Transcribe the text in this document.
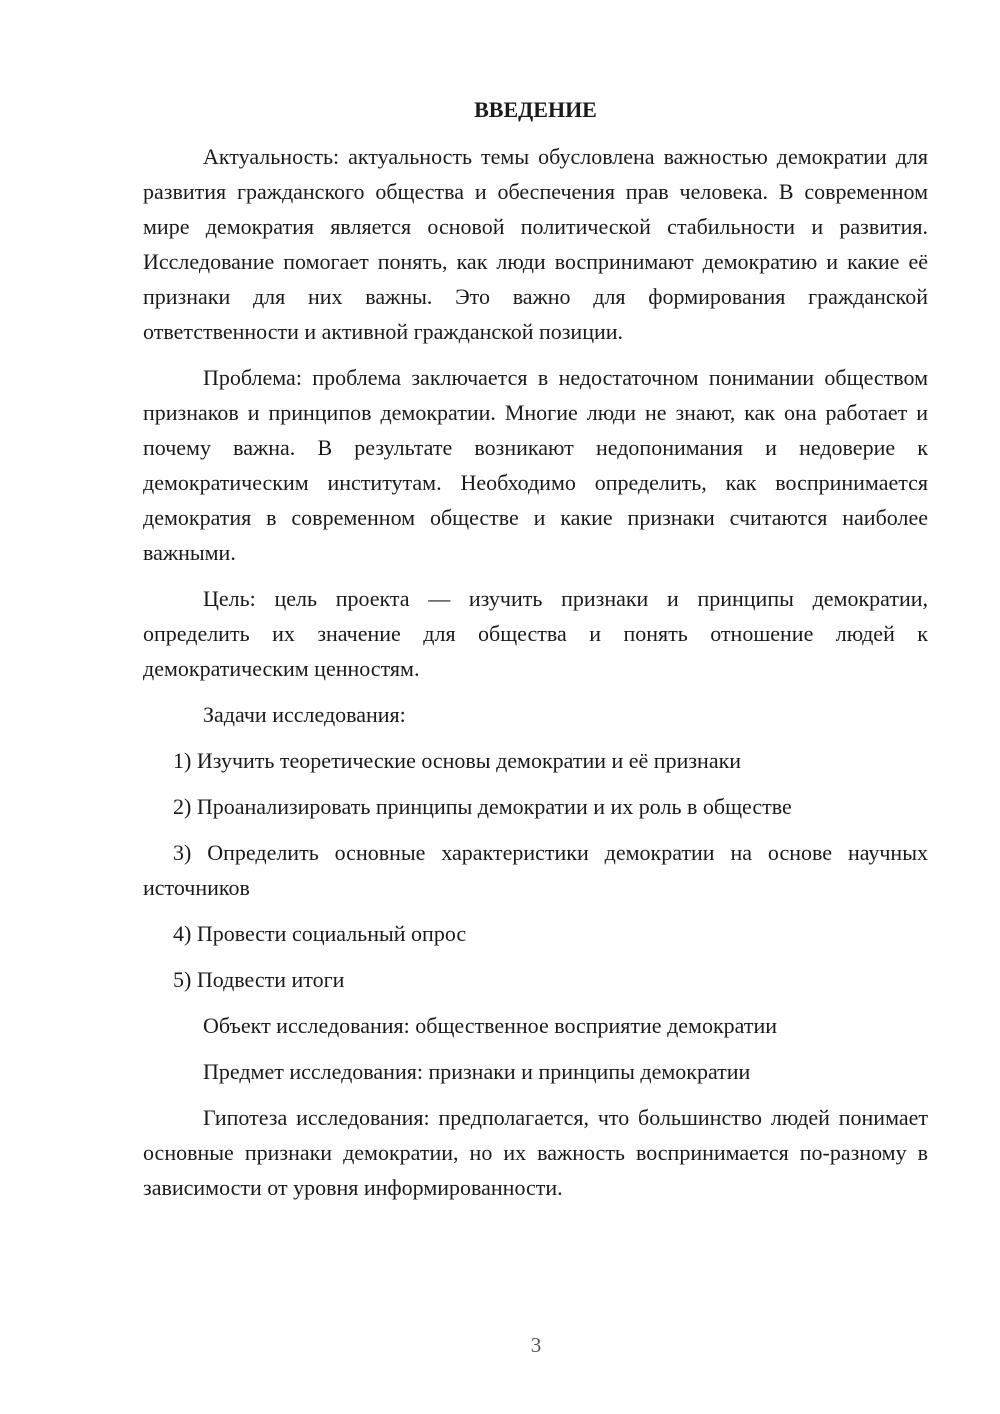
ВВЕДЕНИЕ

Актуальность: актуальность темы обусловлена важностью демократии для развития гражданского общества и обеспечения прав человека. В современном мире демократия является основой политической стабильности и развития. Исследование помогает понять, как люди воспринимают демократию и какие её признаки для них важны. Это важно для формирования гражданской ответственности и активной гражданской позиции.

Проблема: проблема заключается в недостаточном понимании обществом признаков и принципов демократии. Многие люди не знают, как она работает и почему важна. В результате возникают недопонимания и недоверие к демократическим институтам. Необходимо определить, как воспринимается демократия в современном обществе и какие признаки считаются наиболее важными.

Цель: цель проекта — изучить признаки и принципы демократии, определить их значение для общества и понять отношение людей к демократическим ценностям.

Задачи исследования:

1) Изучить теоретические основы демократии и её признаки

2) Проанализировать принципы демократии и их роль в обществе

3) Определить основные характеристики демократии на основе научных источников

4) Провести социальный опрос

5) Подвести итоги

Объект исследования: общественное восприятие демократии

Предмет исследования: признаки и принципы демократии

Гипотеза исследования: предполагается, что большинство людей понимает основные признаки демократии, но их важность воспринимается по-разному в зависимости от уровня информированности.

3
